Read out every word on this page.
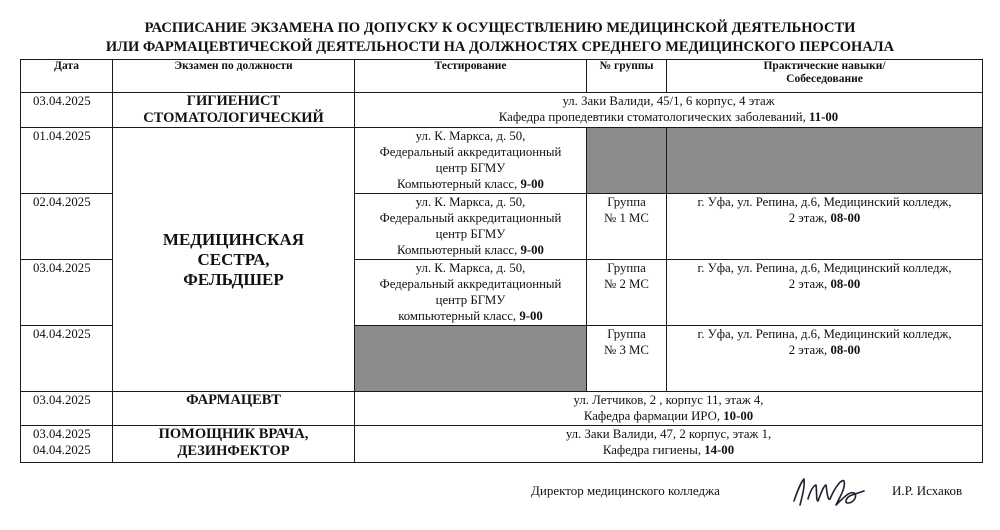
РАСПИСАНИЕ ЭКЗАМЕНА ПО ДОПУСКУ К ОСУЩЕСТВЛЕНИЮ МЕДИЦИНСКОЙ ДЕЯТЕЛЬНОСТИ
ИЛИ ФАРМАЦЕВТИЧЕСКОЙ ДЕЯТЕЛЬНОСТИ НА ДОЛЖНОСТЯХ СРЕДНЕГО МЕДИЦИНСКОГО ПЕРСОНАЛА
Дата	Экзамен по должности	Тестирование	№ группы	Практические навыки/
Собеседование

03.04.2025	ГИГИЕНИСТ
СТОМАТОЛОГИЧЕСКИЙ	ул. Заки Валиди, 45/1, 6 корпус, 4 этаж
Кафедра пропедевтики стоматологических заболеваний, 11-00		

01.04.2025	МЕДИЦИНСКАЯ
СЕСТРА,
ФЕЛЬДШЕР	ул. К. Маркса, д. 50,
Федеральный аккредитационный
центр БГМУ
Компьютерный класс, 9-00		

02.04.2025		ул. К. Маркса, д. 50,
Федеральный аккредитационный
центр БГМУ
Компьютерный класс, 9-00	Группа
№ 1 МС	г. Уфа, ул. Репина, д.6, Медицинский колледж,
2 этаж, 08-00

03.04.2025		ул. К. Маркса, д. 50,
Федеральный аккредитационный
центр БГМУ
компьютерный класс, 9-00	Группа
№ 2 МС	г. Уфа, ул. Репина, д.6, Медицинский колледж,
2 этаж, 08-00

04.04.2025			Группа
№ 3 МС	г. Уфа, ул. Репина, д.6, Медицинский колледж,
2 этаж, 08-00

03.04.2025	ФАРМАЦЕВТ	ул. Летчиков, 2 , корпус 11, этаж 4,
Кафедра фармации ИРО, 10-00		

03.04.2025
04.04.2025	ПОМОЩНИК ВРАЧА,
ДЕЗИНФЕКТОР	ул. Заки Валиди, 47, 2 корпус, этаж 1,
Кафедра гигиены, 14-00		
Директор медицинского колледжа	И.Р. Исхаков
